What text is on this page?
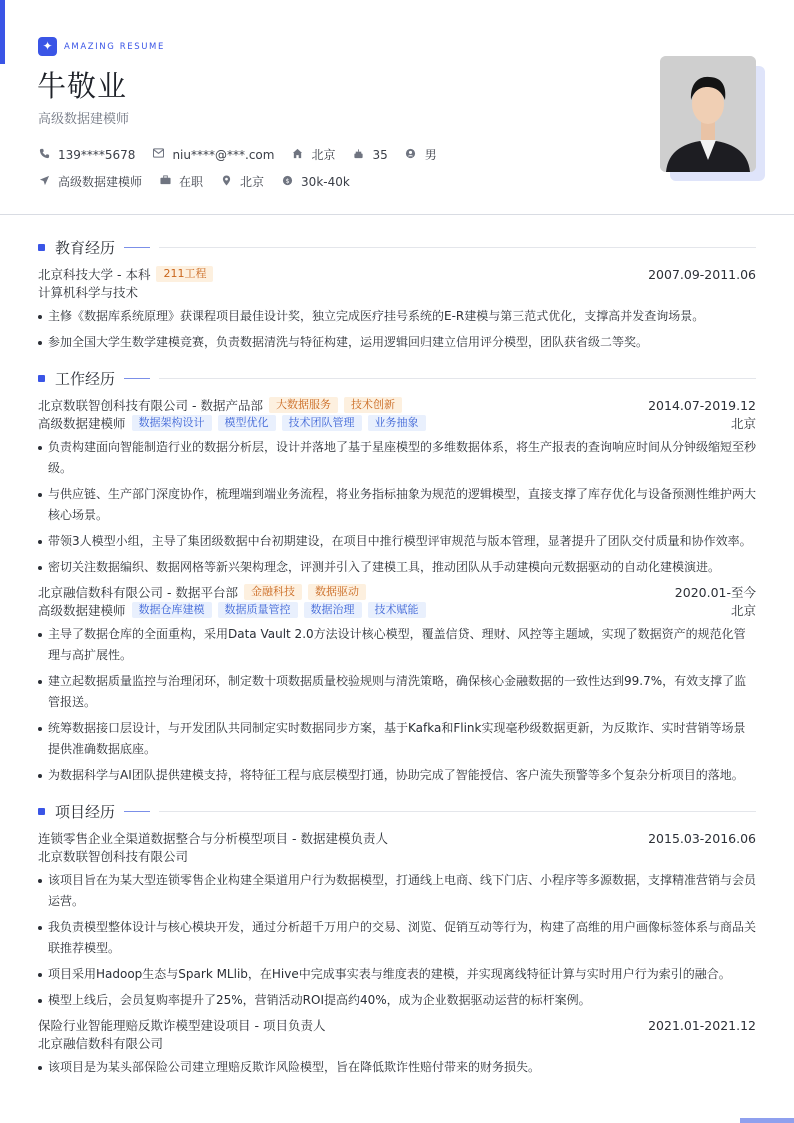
✦	AMAZING RESUME
牛敬业
高级数据建模师
139****5678	niu****@***.com	北京	35	男
高级数据建模师	在职	北京	$ 30k-40k
教育经历
北京科技大学 - 本科	211工程	2007.09-2011.06
计算机科学与技术
主修《数据库系统原理》获课程项目最佳设计奖，独立完成医疗挂号系统的E-R建模与第三范式优化，支撑高并发查询场景。
参加全国大学生数学建模竞赛，负责数据清洗与特征构建，运用逻辑回归建立信用评分模型，团队获省级二等奖。
工作经历
北京数联智创科技有限公司 - 数据产品部	大数据服务	技术创新	2014.07-2019.12
高级数据建模师	数据架构设计	模型优化	技术团队管理	业务抽象	北京
负责构建面向智能制造行业的数据分析层，设计并落地了基于星座模型的多维数据体系，将生产报表的查询响应时间从分钟级缩短至秒级。
与供应链、生产部门深度协作，梳理端到端业务流程，将业务指标抽象为规范的逻辑模型，直接支撑了库存优化与设备预测性维护两大核心场景。
带领3人模型小组，主导了集团级数据中台初期建设，在项目中推行模型评审规范与版本管理，显著提升了团队交付质量和协作效率。
密切关注数据编织、数据网格等新兴架构理念，评测并引入了建模工具，推动团队从手动建模向元数据驱动的自动化建模演进。
北京融信数科有限公司 - 数据平台部	金融科技	数据驱动	2020.01-至今
高级数据建模师	数据仓库建模	数据质量管控	数据治理	技术赋能	北京
主导了数据仓库的全面重构，采用Data Vault 2.0方法设计核心模型，覆盖信贷、理财、风控等主题域，实现了数据资产的规范化管理与高扩展性。
建立起数据质量监控与治理闭环，制定数十项数据质量校验规则与清洗策略，确保核心金融数据的一致性达到99.7%，有效支撑了监管报送。
统筹数据接口层设计，与开发团队共同制定实时数据同步方案，基于Kafka和Flink实现毫秒级数据更新，为反欺诈、实时营销等场景提供准确数据底座。
为数据科学与AI团队提供建模支持，将特征工程与底层模型打通，协助完成了智能授信、客户流失预警等多个复杂分析项目的落地。
项目经历
连锁零售企业全渠道数据整合与分析模型项目 - 数据建模负责人	2015.03-2016.06
北京数联智创科技有限公司
该项目旨在为某大型连锁零售企业构建全渠道用户行为数据模型，打通线上电商、线下门店、小程序等多源数据，支撑精准营销与会员运营。
我负责模型整体设计与核心模块开发，通过分析超千万用户的交易、浏览、促销互动等行为，构建了高维的用户画像标签体系与商品关联推荐模型。
项目采用Hadoop生态与Spark MLlib，在Hive中完成事实表与维度表的建模，并实现离线特征计算与实时用户行为索引的融合。
模型上线后，会员复购率提升了25%，营销活动ROI提高约40%，成为企业数据驱动运营的标杆案例。
保险行业智能理赔反欺诈模型建设项目 - 项目负责人	2021.01-2021.12
北京融信数科有限公司
该项目是为某头部保险公司建立理赔反欺诈风险模型，旨在降低欺诈性赔付带来的财务损失。
